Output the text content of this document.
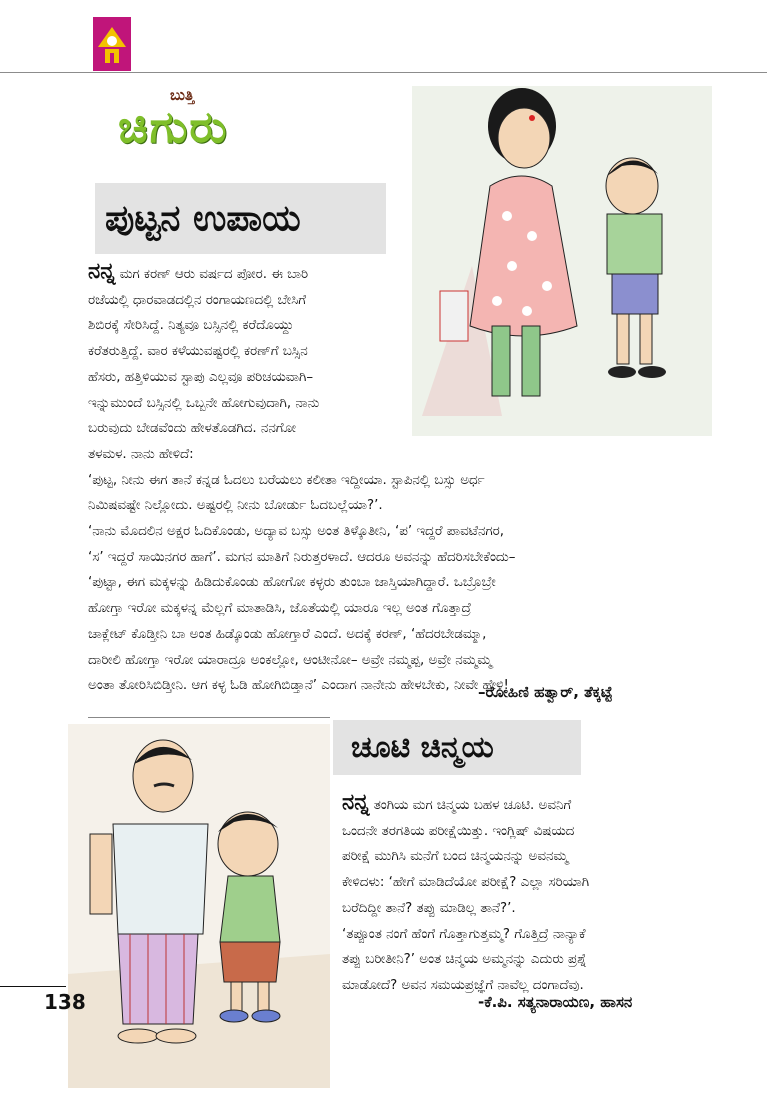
ಬುತ್ತಿ
ಚಿಗುರು
ಪುಟ್ಟನ ಉಪಾಯ
ನನ್ನ ಮಗ ಕರಣ್ ಆರು ವರ್ಷದ ಪೋರ. ಈ ಬಾರಿ
ರಜೆಯಲ್ಲಿ ಧಾರವಾಡದಲ್ಲಿನ ರಂಗಾಯಣದಲ್ಲಿ ಬೇಸಿಗೆ
ಶಿಬಿರಕ್ಕೆ ಸೇರಿಸಿದ್ದೆ. ನಿತ್ಯವೂ ಬಸ್ಸಿನಲ್ಲಿ ಕರೆದೊಯ್ದು
ಕರೆತರುತ್ತಿದ್ದೆ. ವಾರ ಕಳೆಯುವಷ್ಟರಲ್ಲಿ ಕರಣ್‌ಗೆ ಬಸ್ಸಿನ
ಹೆಸರು, ಹತ್ತಿಳಿಯುವ ಸ್ಟಾಪು ಎಲ್ಲವೂ ಪರಿಚಯವಾಗಿ–
ಇನ್ನುಮುಂದೆ ಬಸ್ಸಿನಲ್ಲಿ ಒಬ್ಬನೇ ಹೋಗುವುದಾಗಿ, ನಾನು
ಬರುವುದು ಬೇಡವೆಂದು ಹೇಳತೊಡಗಿದ. ನನಗೋ
ತಳಮಳ. ನಾನು ಹೇಳಿದೆ:
‘ಪುಟ್ಟ, ನೀನು ಈಗ ತಾನೆ ಕನ್ನಡ ಓದಲು ಬರೆಯಲು ಕಲೀತಾ ಇದ್ದೀಯಾ. ಸ್ಟಾಪಿನಲ್ಲಿ ಬಸ್ಸು ಅರ್ಧ
ನಿಮಿಷವಷ್ಟೇ ನಿಲ್ಲೋದು. ಅಷ್ಟರಲ್ಲಿ ನೀನು ಬೋರ್ಡು ಓದಬಲ್ಲೆಯಾ?’.
‘ನಾನು ಮೊದಲಿನ ಅಕ್ಷರ ಓದಿಕೊಂಡು, ಅದ್ಯಾವ ಬಸ್ಸು ಅಂತ ತಿಳ್ಕೊತೀನಿ, ‘ಪ’ ಇದ್ದರೆ ಪಾವಟೆನಗರ,
‘ಸ’ ಇದ್ದರೆ ಸಾಯಿನಗರ ಹಾಗೆ’. ಮಗನ ಮಾತಿಗೆ ನಿರುತ್ತರಳಾದೆ. ಆದರೂ ಅವನನ್ನು ಹೆದರಿಸಬೇಕೆಂದು–
‘ಪುಟ್ಟಾ, ಈಗ ಮಕ್ಕಳನ್ನು ಹಿಡಿದುಕೊಂಡು ಹೋಗೋ ಕಳ್ಳರು ತುಂಬಾ ಜಾಸ್ತಿಯಾಗಿದ್ದಾರೆ. ಒಬ್ರೊಬ್ರೇ
ಹೋಗ್ತಾ ಇರೋ ಮಕ್ಕಳನ್ನ ಮೆಲ್ಲಗೆ ಮಾತಾಡಿಸಿ, ಜೊತೆಯಲ್ಲಿ ಯಾರೂ ಇಲ್ಲ ಅಂತ ಗೊತ್ತಾದ್ರೆ
ಚಾಕ್ಲೇಟ್ ಕೊಡ್ತೀನಿ ಬಾ ಅಂತ ಹಿಡ್ಕೊಂಡು ಹೋಗ್ತಾರೆ ಎಂದೆ. ಅದಕ್ಕೆ ಕರಣ್, ‘ಹೆದರಬೇಡಮ್ಮಾ,
ದಾರೀಲಿ ಹೋಗ್ತಾ ಇರೋ ಯಾರಾದ್ರೂ ಅಂಕಲ್ಲೋ, ಆಂಟೀನೋ– ಅವ್ರೇ ನಮ್ಮಪ್ಪ, ಅವ್ರೇ ನಮ್ಮಮ್ಮ
ಅಂತಾ ತೋರಿಸಿಬಿಡ್ತೀನಿ. ಆಗ ಕಳ್ಳ ಓಡಿ ಹೋಗಿಬಿಡ್ತಾನೆ’ ಎಂದಾಗ ನಾನೇನು ಹೇಳಬೇಕು, ನೀವೇ ಹೇಳಿ!
–ರೋಹಿಣಿ ಹತ್ವಾರ್, ತೆಕ್ಕಟ್ಟೆ
ಚೂಟಿ ಚಿನ್ಮಯ
ನನ್ನ ತಂಗಿಯ ಮಗ ಚಿನ್ಮಯ ಬಹಳ ಚೂಟಿ. ಅವನಿಗೆ
ಒಂದನೇ ತರಗತಿಯ ಪರೀಕ್ಷೆಯಿತ್ತು. ಇಂಗ್ಲಿಷ್ ವಿಷಯದ
ಪರೀಕ್ಷೆ ಮುಗಿಸಿ ಮನೆಗೆ ಬಂದ ಚಿನ್ಮಯನನ್ನು ಅವನಮ್ಮ
ಕೇಳಿದಳು: ‘ಹೇಗೆ ಮಾಡಿದೆಯೋ ಪರೀಕ್ಷೆ? ಎಲ್ಲಾ ಸರಿಯಾಗಿ
ಬರೆದಿದ್ದೀ ತಾನೆ? ತಪ್ಪು ಮಾಡಿಲ್ಲ ತಾನೆ?’.
‘ತಪ್ಪೂಂತ ನಂಗೆ ಹೆಂಗೆ ಗೊತ್ತಾಗುತ್ತಮ್ಮ? ಗೊತ್ತಿದ್ರೆ ನಾನ್ಯಾಕೆ
ತಪ್ಪು ಬರೀತೀನಿ?’ ಅಂತ ಚಿನ್ಮಯ ಅಮ್ಮನನ್ನು ಎದುರು ಪ್ರಶ್ನೆ
ಮಾಡೋದೆ? ಅವನ ಸಮಯಪ್ರಜ್ಞೆಗೆ ನಾವೆಲ್ಲ ದಂಗಾದೆವು.
-ಕೆ.ಪಿ. ಸತ್ಯನಾರಾಯಣ, ಹಾಸನ
138
